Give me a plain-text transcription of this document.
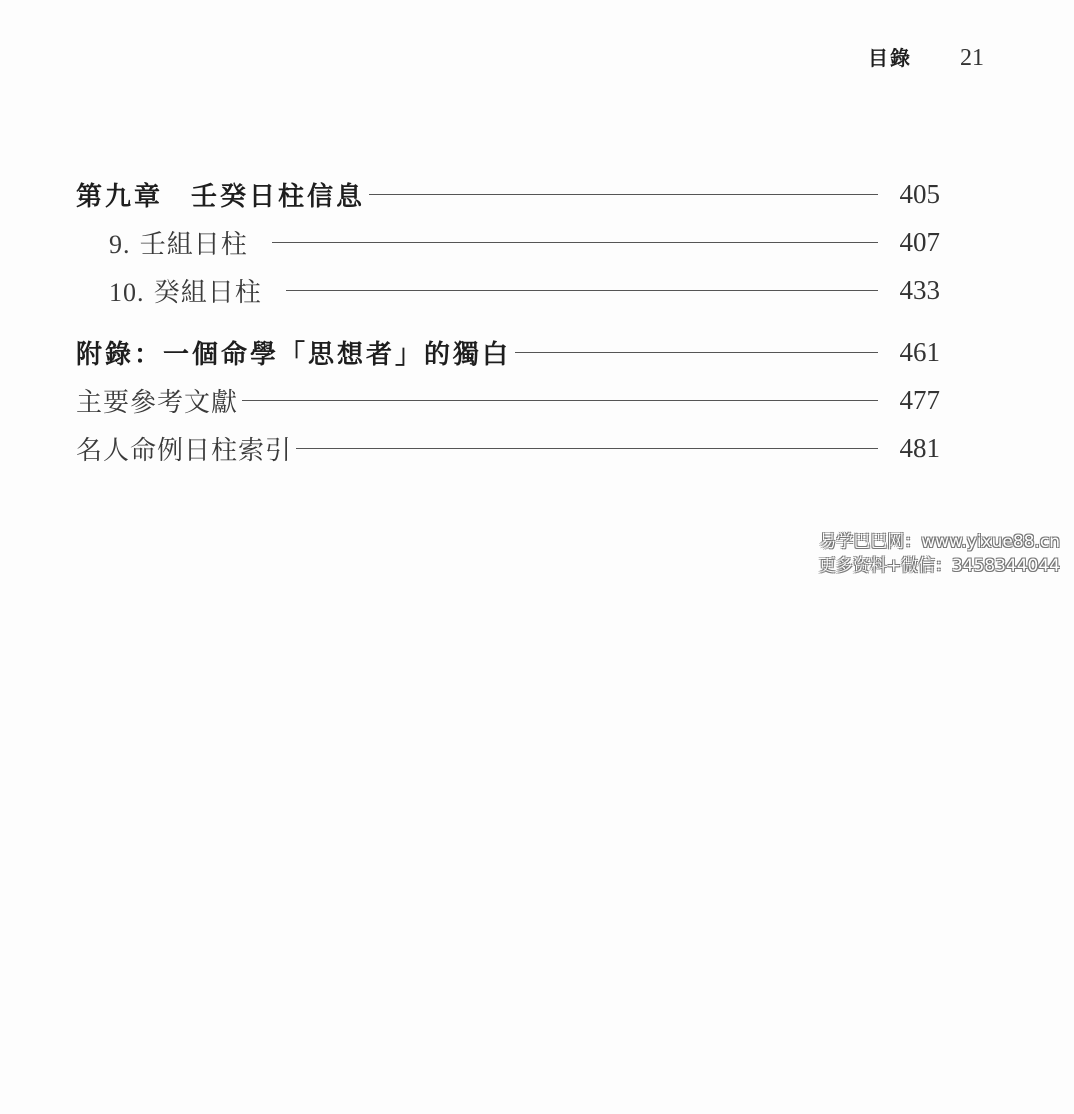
目錄 21
第九章 壬癸日柱信息	405
9. 壬組日柱	407
10. 癸組日柱	433
附錄：一個命學「思想者」的獨白	461
主要參考文獻	477
名人命例日柱索引	481
易学巴巴网：www.yixue88.cn
更多资料+微信：3458344044
